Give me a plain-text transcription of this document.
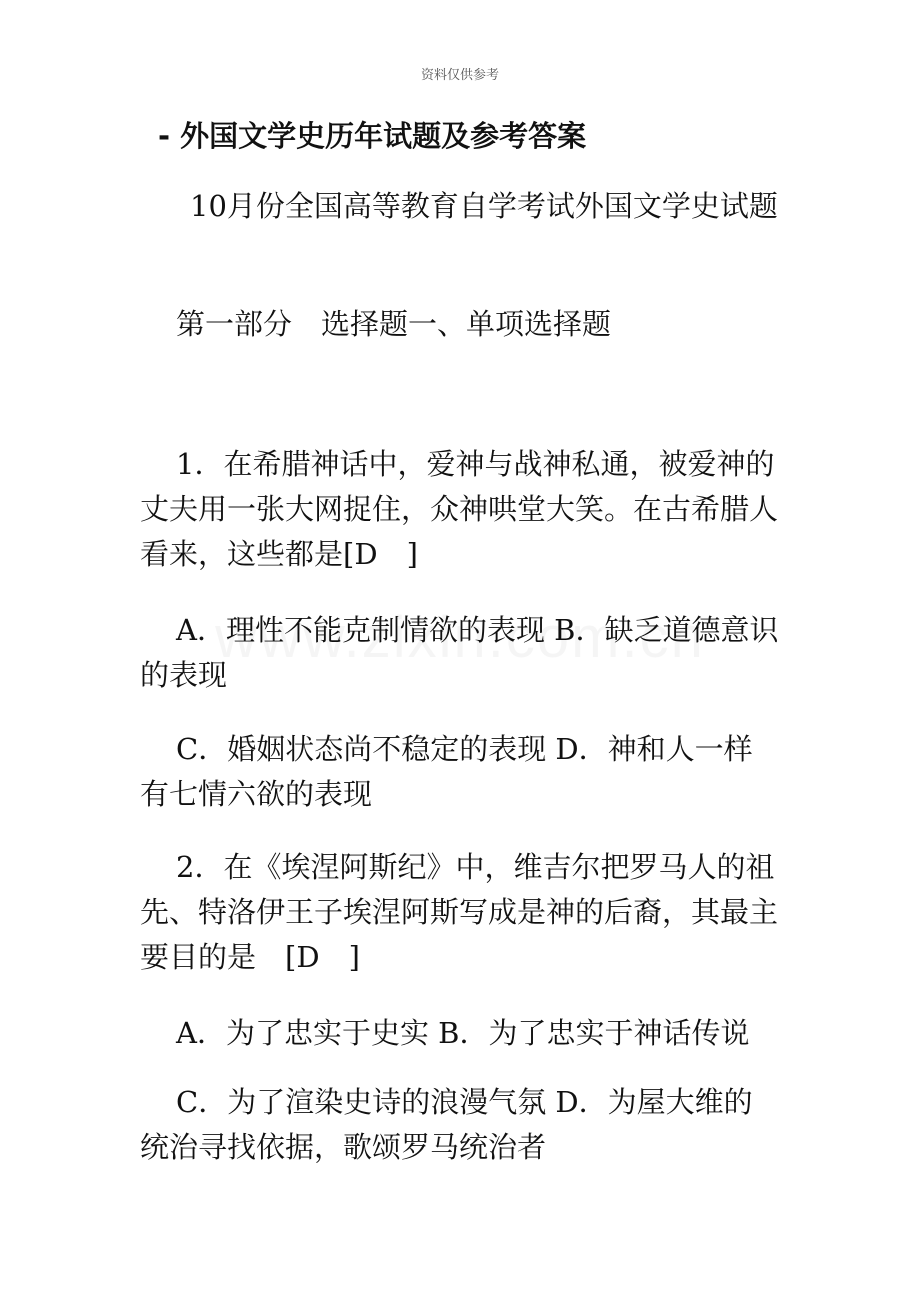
资料仅供参考
- 外国文学史历年试题及参考答案
10月份全国高等教育自学考试外国文学史试题
第一部分　选择题一、单项选择题
1．在希腊神话中，爱神与战神私通，被爱神的丈夫用一张大网捉住，众神哄堂大笑。在古希腊人看来，这些都是[D　]
A．理性不能克制情欲的表现 B．缺乏道德意识的表现
C．婚姻状态尚不稳定的表现 D．神和人一样有七情六欲的表现
2．在《埃涅阿斯纪》中，维吉尔把罗马人的祖先、特洛伊王子埃涅阿斯写成是神的后裔，其最主要目的是　[D　]
A．为了忠实于史实 B．为了忠实于神话传说
C．为了渲染史诗的浪漫气氛 D．为屋大维的统治寻找依据，歌颂罗马统治者
